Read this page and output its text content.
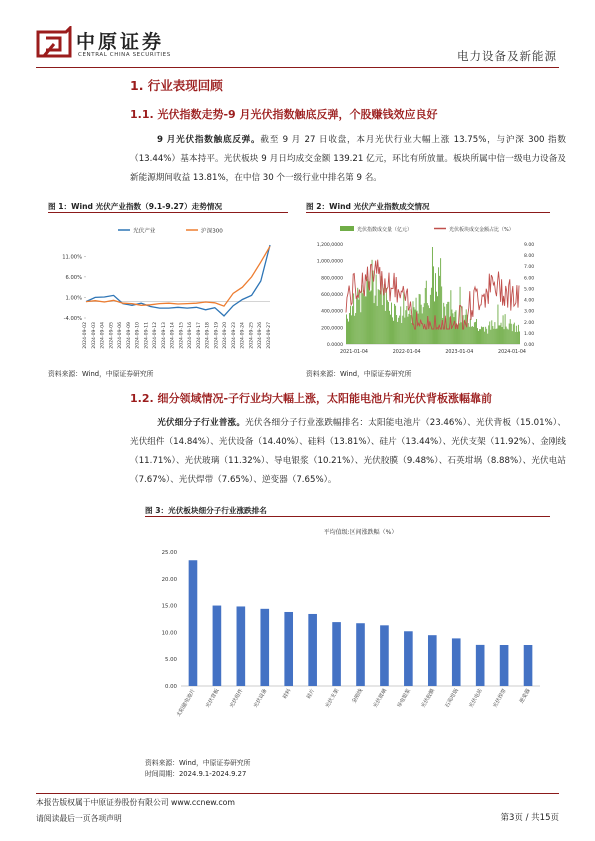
中原证券
CENTRAL CHINA SECURITIES	电力设备及新能源
1. 行业表现回顾
1.1. 光伏指数走势-9 月光伏指数触底反弹，个股赚钱效应良好
9 月光伏指数触底反弹。截至 9 月 27 日收盘，本月光伏行业大幅上涨 13.75%，与沪深 300 指数（13.44%）基本持平。光伏板块 9 月日均成交金额 139.21 亿元，环比有所放量。板块所属中信一级电力设备及新能源期间收益 13.81%，在中信 30 个一级行业中排名第 9 名。
图 1：Wind 光伏产业指数（9.1-9.27）走势情况
光伏产业	沪深300
11.00%
6.00%
1.00%
-4.00%
2024-09-02 2024-09-03 2024-09-04 2024-09-05 2024-09-06 2024-09-09 2024-09-10 2024-09-11 2024-09-12 2024-09-13 2024-09-14 2024-09-15 2024-09-16 2024-09-17 2024-09-18 2024-09-19 2024-09-20 2024-09-23 2024-09-24 2024-09-25 2024-09-26 2024-09-27
资料来源：Wind，中原证券研究所
图 2：Wind 光伏产业指数成交情况
光伏指数成交量（亿元）	光伏板块成交金额占比（%）
1,200,0000
1,000,0000
800,0000
600,0000
400,0000
200,0000
0.0000
9.00
8.00
7.00
6.00
5.00
4.00
3.00
2.00
1.00
0.00
2021-01-04	2022-01-04	2023-01-04	2024-01-04
资料来源：Wind，中原证券研究所
1.2. 细分领域情况-子行业均大幅上涨，太阳能电池片和光伏背板涨幅靠前
光伏细分子行业普涨。光伏各细分子行业涨跌幅排名：太阳能电池片（23.46%）、光伏背板（15.01%）、光伏组件（14.84%）、光伏设备（14.40%）、硅料（13.81%）、硅片（13.44%）、光伏支架（11.92%）、金刚线（11.71%）、光伏玻璃（11.32%）、导电银浆（10.21%）、光伏胶膜（9.48%）、石英坩埚（8.88%）、光伏电站（7.67%）、光伏焊带（7.65%）、逆变器（7.65%）。
图 3：光伏板块细分子行业涨跌排名
平均值级:区间涨跌幅（%）
25.00
20.00
15.00
10.00
5.00
0.00
太阳能电池片	光伏背板	光伏组件	光伏设备	硅料	硅片	光伏支架	金刚线	光伏玻璃	导电银浆	光伏胶膜	石英坩埚	光伏电站	光伏焊带	逆变器
资料来源：Wind，中原证券研究所
时间周期：2024.9.1-2024.9.27
本报告版权属于中原证券股份有限公司 www.ccnew.com
请阅读最后一页各项声明	第3页 / 共15页
